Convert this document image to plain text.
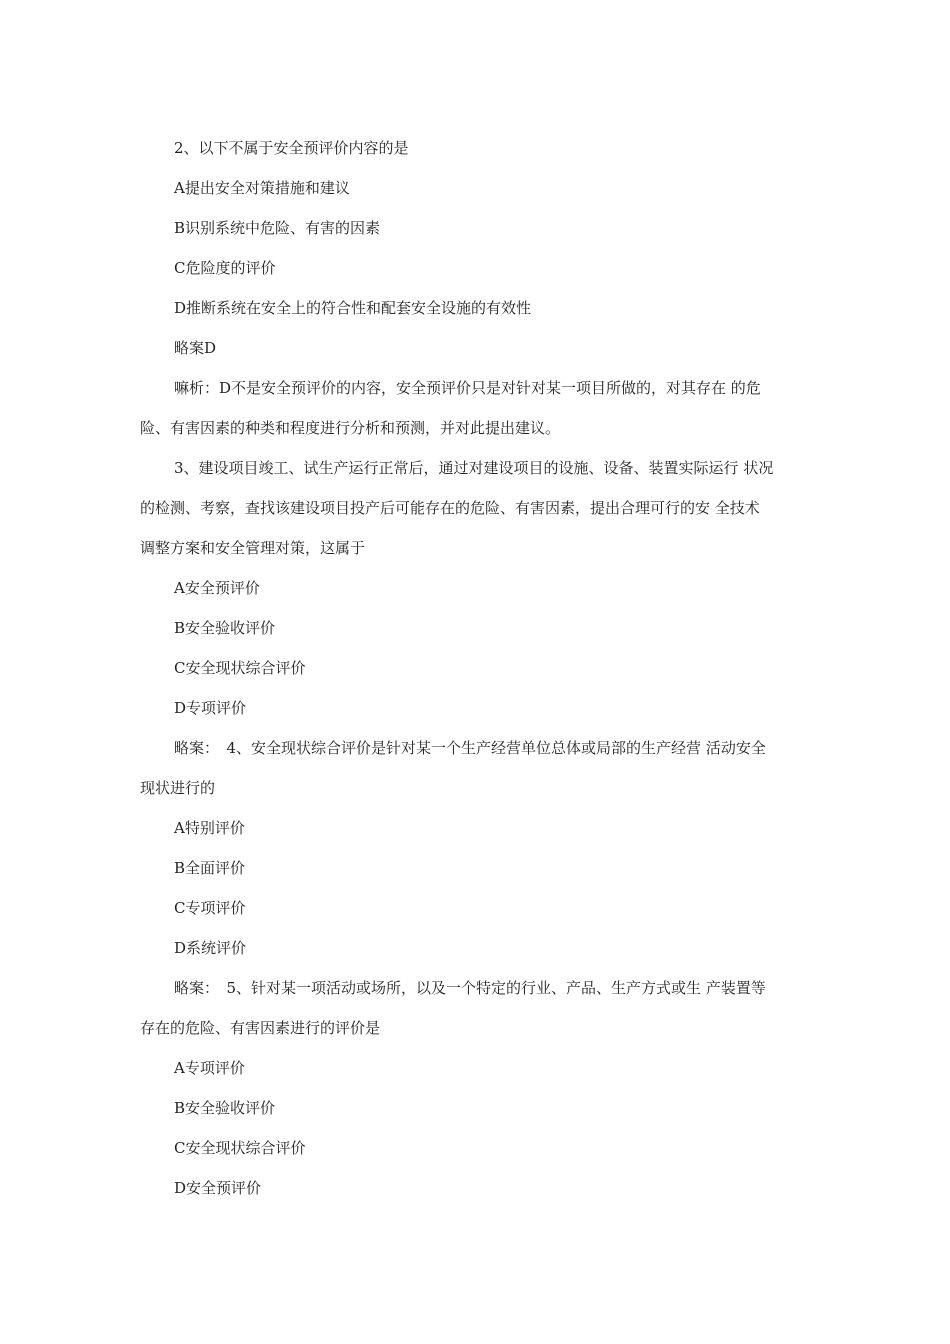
2、以下不属于安全预评价内容的是
A提出安全对策措施和建议
B识别系统中危险、有害的因素
C危险度的评价
D推断系统在安全上的符合性和配套安全设施的有效性
略案D
嘛析：D不是安全预评价的内容，安全预评价只是对针对某一项目所做的，对其存在 的危
险、有害因素的种类和程度进行分析和预测，并对此提出建议。
3、建设项目竣工、试生产运行正常后，通过对建设项目的设施、设备、装置实际运行 状况
的检测、考察，查找该建设项目投产后可能存在的危险、有害因素，提出合理可行的安 全技术
调整方案和安全管理对策，这属于
A安全预评价
B安全验收评价
C安全现状综合评价
D专项评价
略案：　4、安全现状综合评价是针对某一个生产经营单位总体或局部的生产经营 活动安全
现状进行的
A特别评价
B全面评价
C专项评价
D系统评价
略案：　5、针对某一项活动或场所，以及一个特定的行业、产品、生产方式或生 产装置等
存在的危险、有害因素进行的评价是
A专项评价
B安全验收评价
C安全现状综合评价
D安全预评价
